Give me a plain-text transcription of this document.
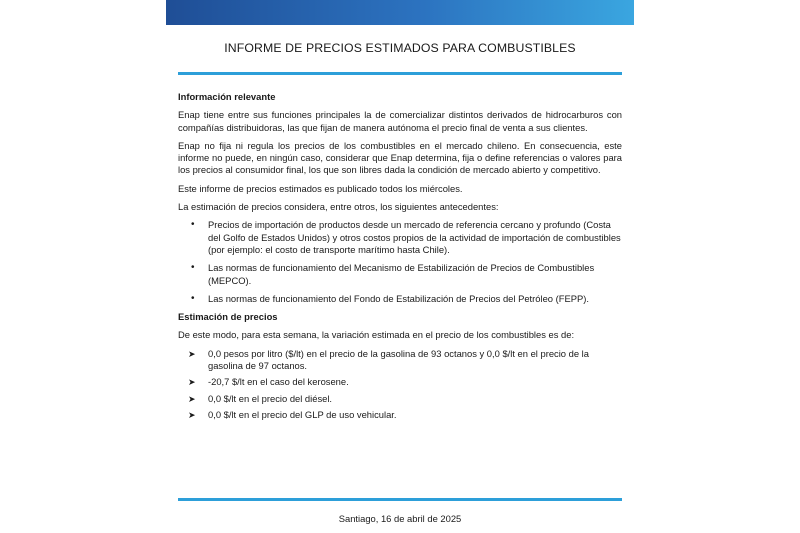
INFORME DE PRECIOS ESTIMADOS PARA COMBUSTIBLES
Información relevante

Enap tiene entre sus funciones principales la de comercializar distintos derivados de hidrocarburos con compañías distribuidoras, las que fijan de manera autónoma el precio final de venta a sus clientes.

Enap no fija ni regula los precios de los combustibles en el mercado chileno. En consecuencia, este informe no puede, en ningún caso, considerar que Enap determina, fija o define referencias o valores para los precios al consumidor final, los que son libres dada la condición de mercado abierto y competitivo.

Este informe de precios estimados es publicado todos los miércoles.

La estimación de precios considera, entre otros, los siguientes antecedentes:

• Precios de importación de productos desde un mercado de referencia cercano y profundo (Costa del Golfo de Estados Unidos) y otros costos propios de la actividad de importación de combustibles (por ejemplo: el costo de transporte marítimo hasta Chile).
• Las normas de funcionamiento del Mecanismo de Estabilización de Precios de Combustibles (MEPCO).
• Las normas de funcionamiento del Fondo de Estabilización de Precios del Petróleo (FEPP).
Estimación de precios

De este modo, para esta semana, la variación estimada en el precio de los combustibles es de:

➤ 0,0 pesos por litro ($/lt) en el precio de la gasolina de 93 octanos y 0,0 $/lt en el precio de la gasolina de 97 octanos.
➤ -20,7 $/lt en el caso del kerosene.
➤ 0,0 $/lt en el precio del diésel.
➤ 0,0 $/lt en el precio del GLP de uso vehicular.
Santiago, 16 de abril de 2025
